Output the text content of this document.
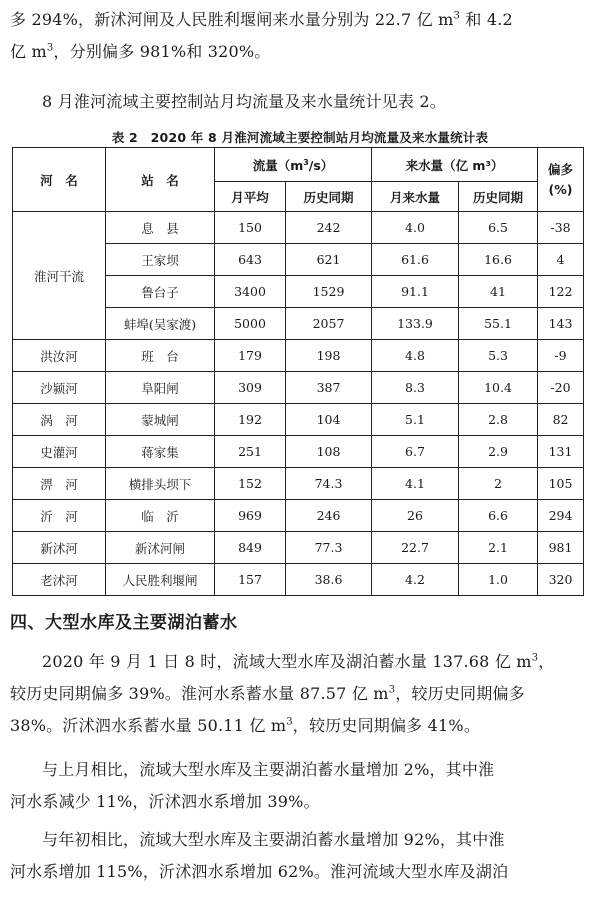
多 294%，新沭河闸及人民胜利堰闸来水量分别为 22.7 亿 $m^3$ 和 4.2
亿 $m^3$，分别偏多 981%和 320%。

8 月淮河流域主要控制站月均流量及来水量统计见表 2。

表 2　2020 年 8 月淮河流域主要控制站月均流量及来水量统计表
河　名	站　名	流量$(m^3/s)$		来水量（亿 m³）		偏多
(%)
		月平均	历史同期	月来水量	历史同期	
淮河干流	息　县	150	242	4.0	6.5	-38
	王家坝	643	621	61.6	16.6	4
	鲁台子	3400	1529	91.1	41	122
	蚌埠(吴家渡)	5000	2057	133.9	55.1	143
洪汝河	班　台	179	198	4.8	5.3	-9
沙颍河	阜阳闸	309	387	8.3	10.4	-20
涡　河	蒙城闸	192	104	5.1	2.8	82
史灌河	蒋家集	251	108	6.7	2.9	131
淠　河	横排头坝下	152	74.3	4.1	2	105
沂　河	临　沂	969	246	26	6.6	294
新沭河	新沭河闸	849	77.3	22.7	2.1	981
老沭河	人民胜利堰闸	157	38.6	4.2	1.0	320
四、大型水库及主要湖泊蓄水

2020 年 9 月 1 日 8 时，流域大型水库及湖泊蓄水量 137.68 亿 $m^3$，
较历史同期偏多 39%。淮河水系蓄水量 87.57 亿 $m^3$，较历史同期偏多
38%。沂沭泗水系蓄水量 50.11 亿 $m^3$，较历史同期偏多 41%。

与上月相比，流域大型水库及主要湖泊蓄水量增加 2%，其中淮
河水系减少 11%，沂沭泗水系增加 39%。

与年初相比，流域大型水库及主要湖泊蓄水量增加 92%，其中淮
河水系增加 115%，沂沭泗水系增加 62%。淮河流域大型水库及湖泊
